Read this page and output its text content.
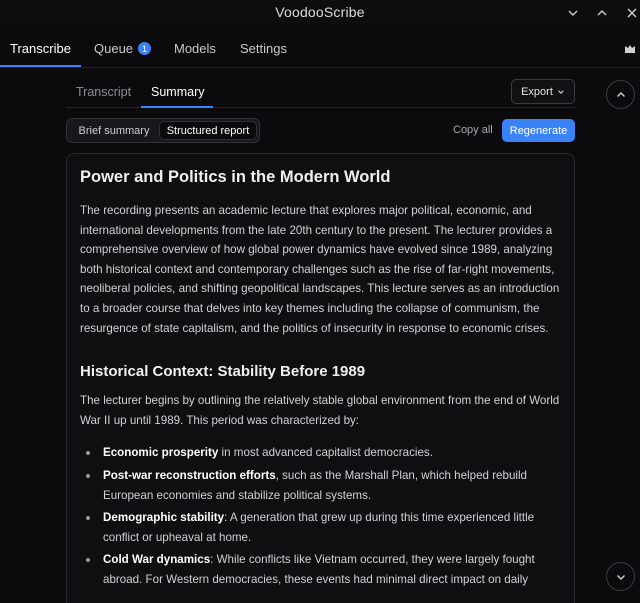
VoodooScribe
Transcribe Queue 1	Models Settings
Transcript Summary	Export
Brief summary	Structured report	Copy all	Regenerate
Power and Politics in the Modern World

The recording presents an academic lecture that explores major political, economic, and international developments from the late 20th century to the present. The lecturer provides a comprehensive overview of how global power dynamics have evolved since 1989, analyzing both historical context and contemporary challenges such as the rise of far-right movements, neoliberal policies, and shifting geopolitical landscapes. This lecture serves as an introduction to a broader course that delves into key themes including the collapse of communism, the resurgence of state capitalism, and the politics of insecurity in response to economic crises.

Historical Context: Stability Before 1989

The lecturer begins by outlining the relatively stable global environment from the end of World War II up until 1989. This period was characterized by:

Economic prosperity in most advanced capitalist democracies.
Post-war reconstruction efforts, such as the Marshall Plan, which helped rebuild European economies and stabilize political systems.
Demographic stability: A generation that grew up during this time experienced little conflict or upheaval at home.
Cold War dynamics: While conflicts like Vietnam occurred, they were largely fought abroad. For Western democracies, these events had minimal direct impact on daily
